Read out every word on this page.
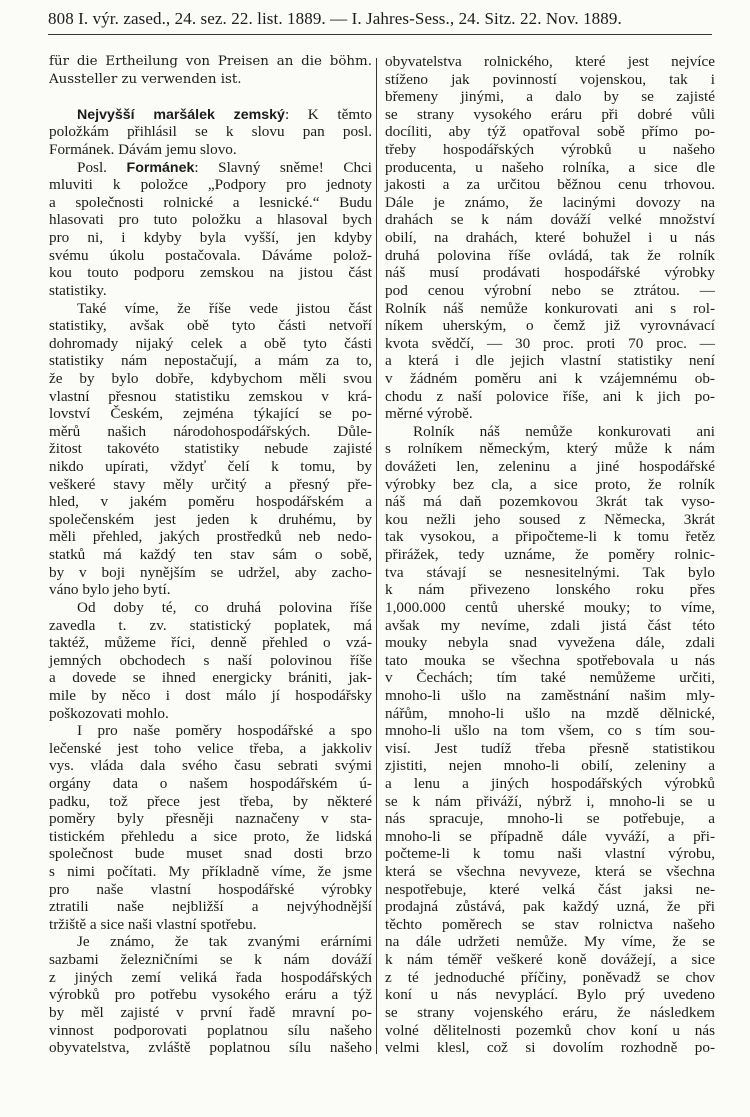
808 I. výr. zased., 24. sez. 22. list. 1889. — I. Jahres-Sess., 24. Sitz. 22. Nov. 1889.
für die Ertheilung von Preisen an die böhm.
Aussteller zu verwenden ist.
Nejvyšší maršálek zemský: K těmto
položkám přihlásil se k slovu pan posl.
Formánek. Dávám jemu slovo.
Posl. Formánek: Slavný sněme! Chci
mluviti k položce „Podpory pro jednoty
a společnosti rolnické a lesnické.“ Budu
hlasovati pro tuto položku a hlasoval bych
pro ni, i kdyby byla vyšší, jen kdyby
svému úkolu postačovala. Dáváme polož-
kou touto podporu zemskou na jistou část
statistiky.
Také víme, že říše vede jistou část
statistiky, avšak obě tyto části netvoří
dohromady nijaký celek a obě tyto části
statistiky nám nepostačují, a mám za to,
že by bylo dobře, kdybychom měli svou
vlastní přesnou statistiku zemskou v krá-
lovství Českém, zejména týkající se po-
měrů našich národohospodářských. Důle-
žitost takovéto statistiky nebude zajisté
nikdo upírati, vždyť čelí k tomu, by
veškeré stavy měly určitý a přesný pře-
hled, v jakém poměru hospodářském a
společenském jest jeden k druhému, by
měli přehled, jakých prostředků neb nedo-
statků má každý ten stav sám o sobě,
by v boji nynějším se udržel, aby zacho-
váno bylo jeho bytí.
Od doby té, co druhá polovina říše
zavedla t. zv. statistický poplatek, má
taktéž, můžeme říci, denně přehled o vzá-
jemných obchodech s naší polovinou říše
a dovede se ihned energicky brániti, jak-
mile by něco i dost málo jí hospodářsky
poškozovati mohlo.
I pro naše poměry hospodářské a spo
lečenské jest toho velice třeba, a jakkoliv
vys. vláda dala svého času sebrati svými
orgány data o našem hospodářském ú-
padku, tož přece jest třeba, by některé
poměry byly přesněji naznačeny v sta-
tistickém přehledu a sice proto, že lidská
společnost bude muset snad dosti brzo
s nimi počítati. My příkladně víme, že jsme
pro naše vlastní hospodářské výrobky
ztratili naše nejbližší a nejvýhodnější
tržiště a sice naši vlastní spotřebu.
Je známo, že tak zvanými erárními
sazbami železničními se k nám dováží
z jiných zemí veliká řada hospodářských
výrobků pro potřebu vysokého eráru a týž
by měl zajisté v první řadě mravní po-
vinnost podporovati poplatnou sílu našeho
obyvatelstva, zvláště poplatnou sílu našeho
obyvatelstva rolnického, které jest nejvíce
stíženo jak povinností vojenskou, tak i
břemeny jinými, a dalo by se zajisté
se strany vysokého eráru při dobré vůli
docíliti, aby týž opatřoval sobě přímo po-
třeby hospodářských výrobků u našeho
producenta, u našeho rolníka, a sice dle
jakosti a za určitou běžnou cenu trhovou.
Dále je známo, že lacinými dovozy na
drahách se k nám dováží velké množství
obilí, na drahách, které bohužel i u nás
druhá polovina říše ovládá, tak že rolník
náš musí prodávati hospodářské výrobky
pod cenou výrobní nebo se ztrátou. —
Rolník náš nemůže konkurovati ani s rol-
níkem uherským, o čemž již vyrovnávací
kvota svědčí, — 30 proc. proti 70 proc. —
a která i dle jejich vlastní statistiky není
v žádném poměru ani k vzájemnému ob-
chodu z naší polovice říše, ani k jich po-
měrné výrobě.
Rolník náš nemůže konkurovati ani
s rolníkem německým, který může k nám
dovážeti len, zeleninu a jiné hospodářské
výrobky bez cla, a sice proto, že rolník
náš má daň pozemkovou 3krát tak vyso-
kou nežli jeho soused z Německa, 3krát
tak vysokou, a připočteme-li k tomu řetěz
přirážek, tedy uznáme, že poměry rolnic-
tva stávají se nesnesitelnými. Tak bylo
k nám přivezeno lonského roku přes
1,000.000 centů uherské mouky; to víme,
avšak my nevíme, zdali jistá část této
mouky nebyla snad vyvežena dále, zdali
tato mouka se všechna spotřebovala u nás
v Čechách; tím také nemůžeme určiti,
mnoho-li ušlo na zaměstnání našim mly-
nářům, mnoho-li ušlo na mzdě dělnické,
mnoho-li ušlo na tom všem, co s tím sou-
visí. Jest tudíž třeba přesně statistikou
zjistiti, nejen mnoho-li obilí, zeleniny a
a lenu a jiných hospodářských výrobků
se k nám přiváží, nýbrž i, mnoho-li se u
nás spracuje, mnoho-li se potřebuje, a
mnoho-li se případně dále vyváží, a při-
počteme-li k tomu naši vlastní výrobu,
která se všechna nevyveze, která se všechna
nespotřebuje, které velká část jaksi ne-
prodajná zůstává, pak každý uzná, že při
těchto poměrech se stav rolnictva našeho
na dále udržeti nemůže. My víme, že se
k nám téměř veškeré koně dovážejí, a sice
z té jednoduché příčiny, poněvadž se chov
koní u nás nevyplácí. Bylo prý uvedeno
se strany vojenského eráru, že následkem
volné dělitelnosti pozemků chov koní u nás
velmi klesl, což si dovolím rozhodně po-
